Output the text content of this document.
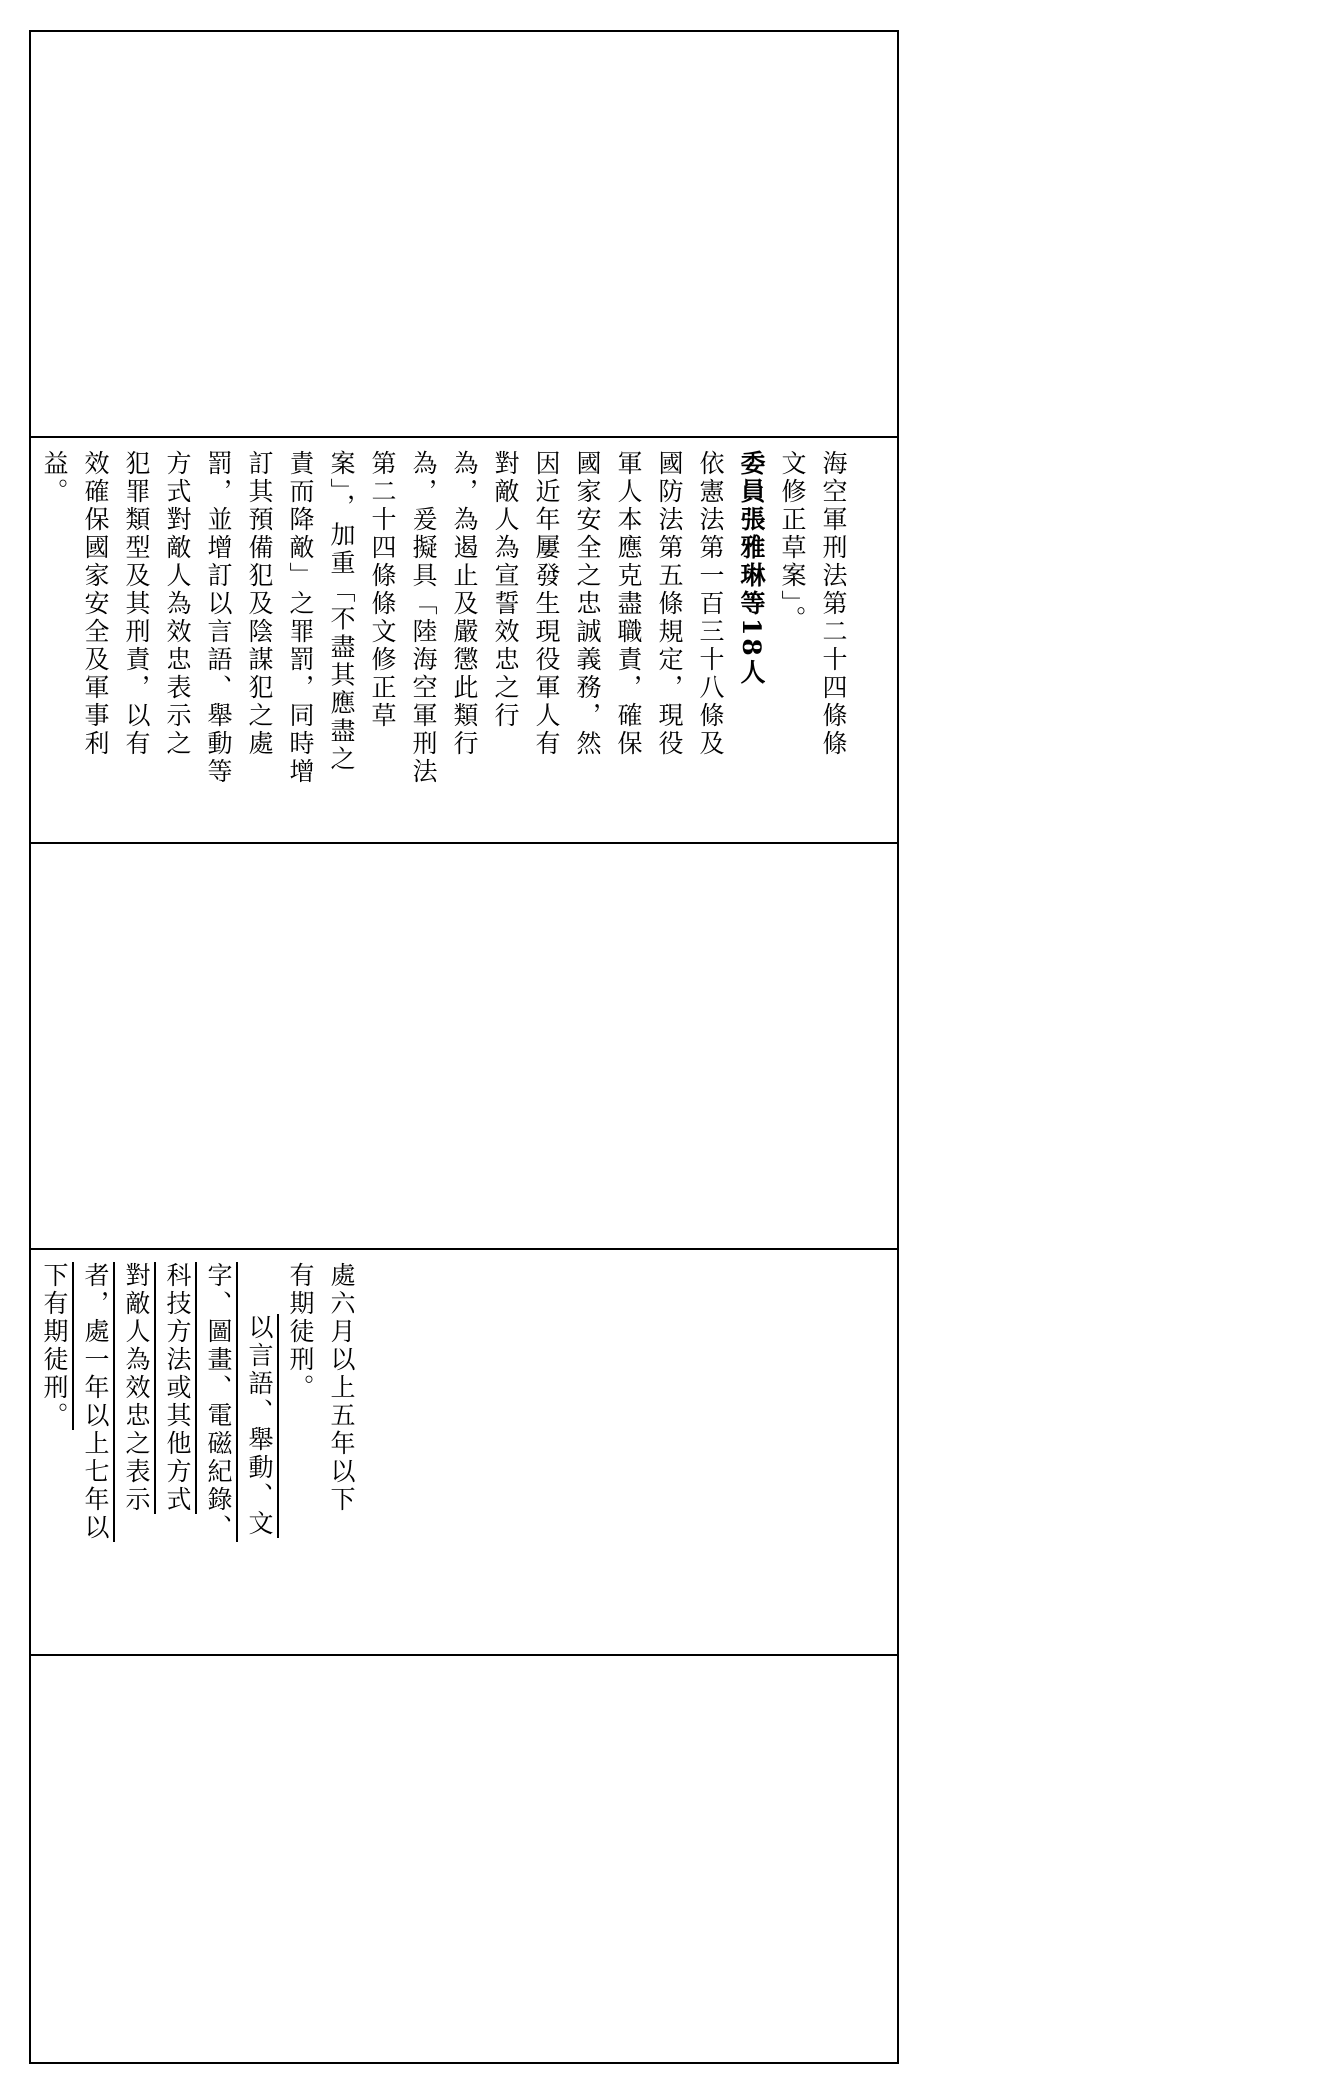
海空軍刑法第二十四條條
文修正草案」。
委員張雅琳等18人
依憲法第一百三十八條及
國防法第五條規定，現役
軍人本應克盡職責，確保
國家安全之忠誠義務，然
因近年屢發生現役軍人有
對敵人為宣誓效忠之行
為，為遏止及嚴懲此類行
為，爰擬具「陸海空軍刑法
第二十四條條文修正草
案」，加重「不盡其應盡之
責而降敵」之罪罰，同時增
訂其預備犯及陰謀犯之處
罰，並增訂以言語、舉動等
方式對敵人為效忠表示之
犯罪類型及其刑責，以有
效確保國家安全及軍事利
益。
處六月以上五年以下
有期徒刑。
以言語、舉動、文
字、圖畫、電磁紀錄、
科技方法或其他方式
對敵人為效忠之表示
者，處一年以上七年以
下有期徒刑。
